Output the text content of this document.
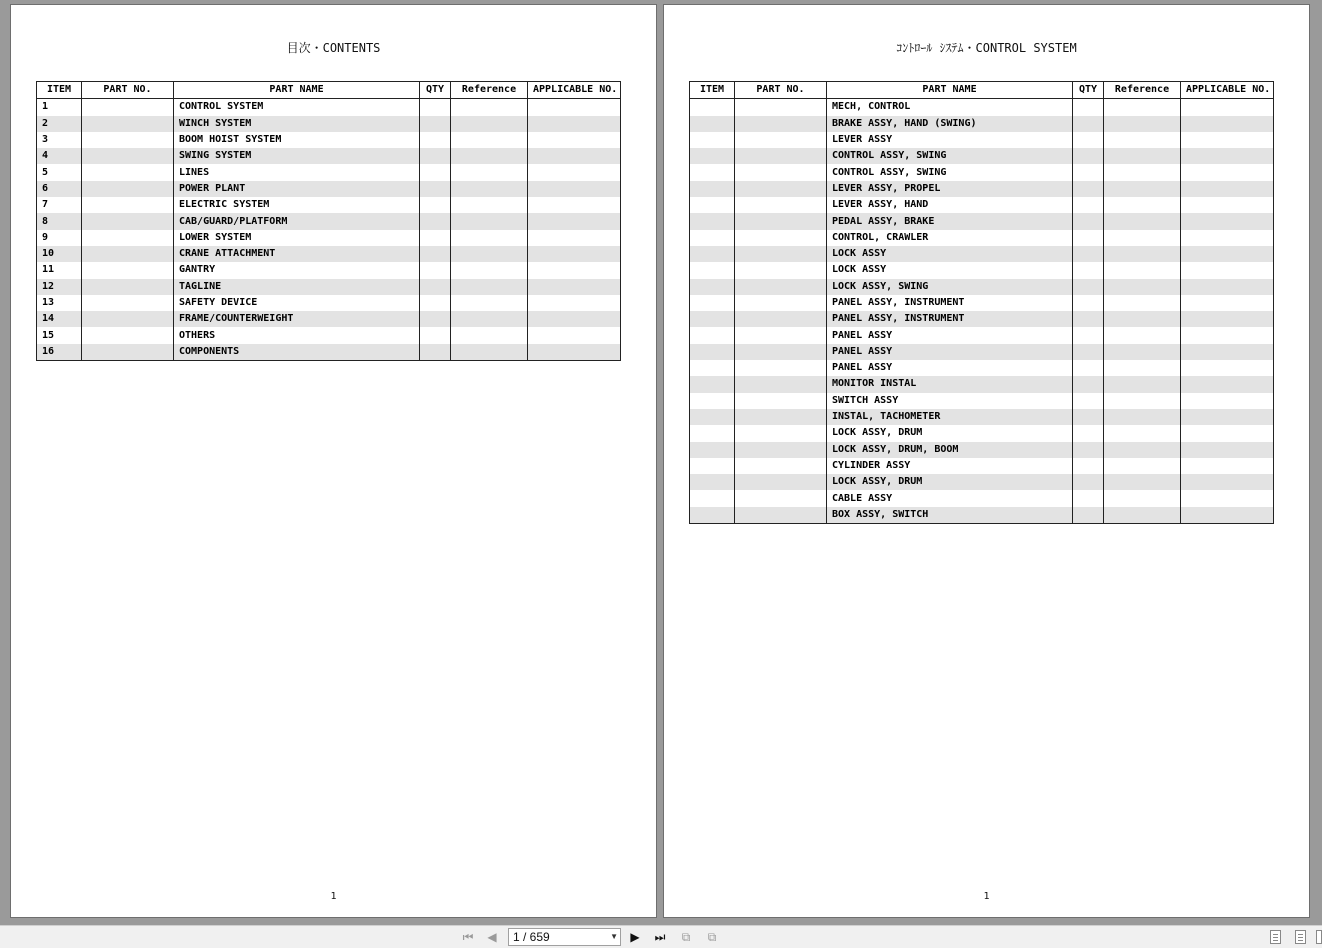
目次・CONTENTS
ITEM	PART NO.	PART NAME	QTY	Reference	APPLICABLE NO.
1		CONTROL SYSTEM			
2		WINCH SYSTEM			
3		BOOM HOIST SYSTEM			
4		SWING SYSTEM			
5		LINES			
6		POWER PLANT			
7		ELECTRIC SYSTEM			
8		CAB/GUARD/PLATFORM			
9		LOWER SYSTEM			
10		CRANE ATTACHMENT			
11		GANTRY			
12		TAGLINE			
13		SAFETY DEVICE			
14		FRAME/COUNTERWEIGHT			
15		OTHERS			
16		COMPONENTS			
1
ｺﾝﾄﾛｰﾙ ｼｽﾃﾑ・CONTROL SYSTEM
ITEM	PART NO.	PART NAME	QTY	Reference	APPLICABLE NO.
		MECH, CONTROL			
		BRAKE ASSY, HAND (SWING)			
		LEVER ASSY			
		CONTROL ASSY, SWING			
		CONTROL ASSY, SWING			
		LEVER ASSY, PROPEL			
		LEVER ASSY, HAND			
		PEDAL ASSY, BRAKE			
		CONTROL, CRAWLER			
		LOCK ASSY			
		LOCK ASSY			
		LOCK ASSY, SWING			
		PANEL ASSY, INSTRUMENT			
		PANEL ASSY, INSTRUMENT			
		PANEL ASSY			
		PANEL ASSY			
		PANEL ASSY			
		MONITOR INSTAL			
		SWITCH ASSY			
		INSTAL, TACHOMETER			
		LOCK ASSY, DRUM			
		LOCK ASSY, DRUM, BOOM			
		CYLINDER ASSY			
		LOCK ASSY, DRUM			
		CABLE ASSY			
		BOX ASSY, SWITCH			
1
⏮ ◀	1 / 659	▼ ▶ ⏭	⧉	⧉
